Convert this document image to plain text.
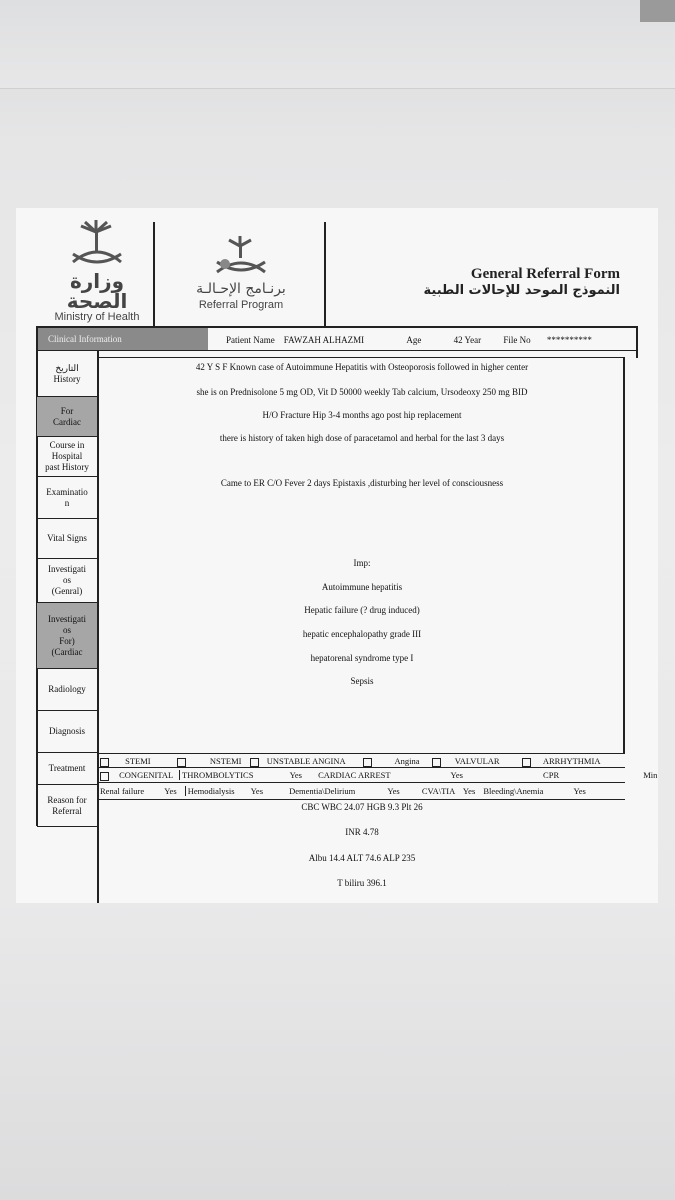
وزارة الصحة
Ministry of Health
برنـامج الإحـالـة
Referral Program
General Referral Form
النموذج الموحد للإحالات الطبية
Clinical Information	Patient Name FAWZAH ALHAZMI	Age	42 Year File No **********
التاريخ
History
For
Cardiac
Course in
Hospital
past History
Examinatio
n
Vital Signs
Investigati
os
(Genral)
Investigati
os
For)
(Cardiac
Radiology
Diagnosis
Treatment
Reason for
Referral
42 Y S F Known case of Autoimmune Hepatitis with Osteoporosis followed in higher center
she is on Prednisolone 5 mg OD, Vit D 50000 weekly Tab calcium, Ursodeoxy 250 mg BID
H/O Fracture Hip 3-4 months ago post hip replacement
there is history of taken high dose of paracetamol and herbal for the last 3 days
Came to ER C/O Fever 2 days Epistaxis ,disturbing her level of consciousness
Imp:
Autoimmune hepatitis
Hepatic failure (? drug induced)
hepatic encephalopathy grade III
hepatorenal syndrome type I
Sepsis
STEMI	NSTEMI	UNSTABLE ANGINA	Angina	VALVULAR	ARRHYTHMIA
CONGENITAL THROMBOLYTICS	Yes CARDIAC ARREST	Yes	CPR	Min
Renal failure Yes Hemodialysis Yes	Dementia\Delirium	Yes	CVA\TIA Yes Bleeding\Anemia	Yes
CBC WBC 24.07 HGB 9.3 Plt 26
INR 4.78
Albu 14.4 ALT 74.6 ALP 235
T biliru 396.1
